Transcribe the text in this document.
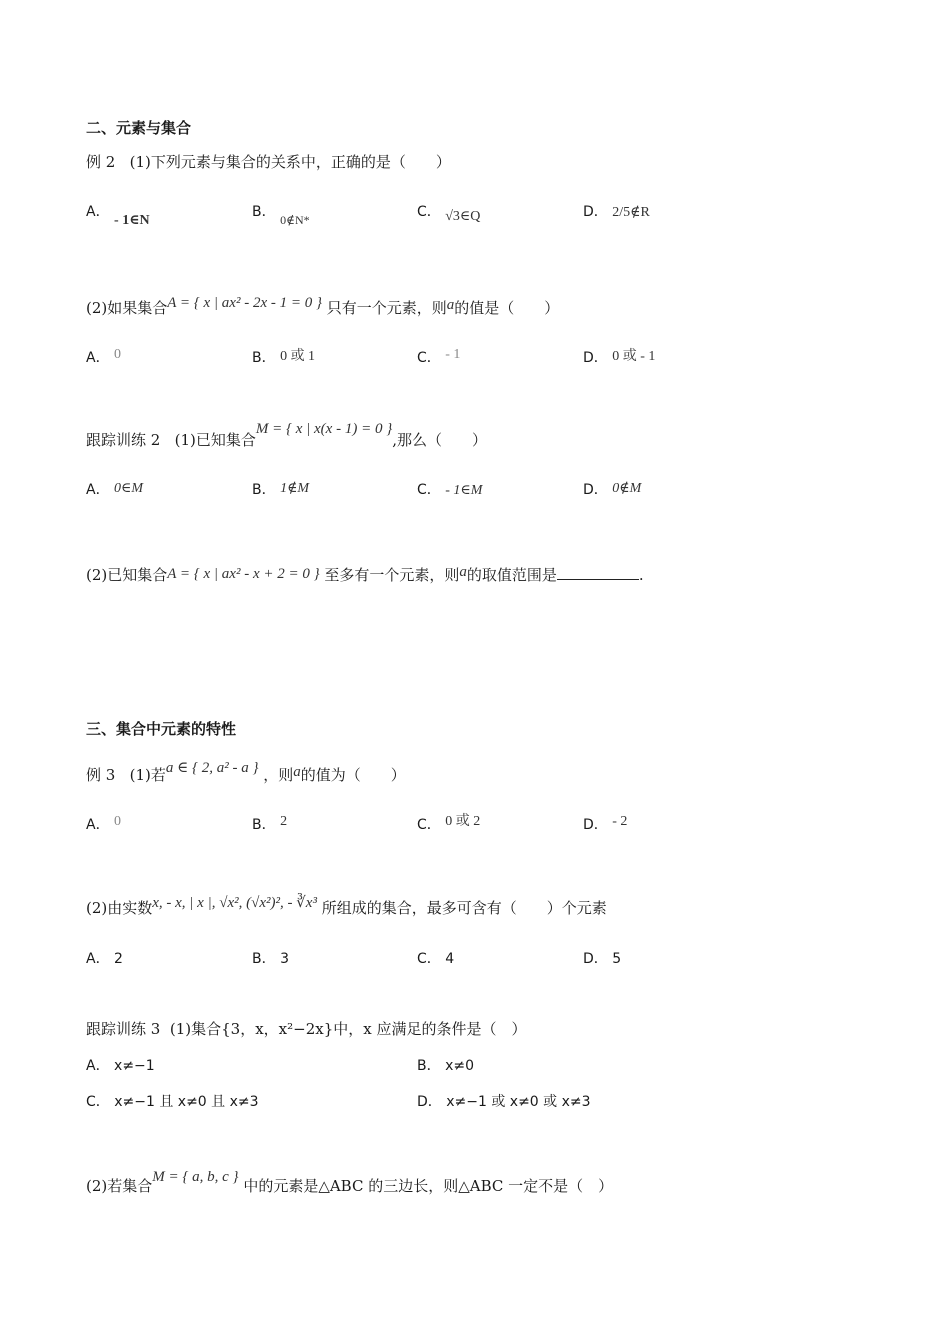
二、元素与集合
例 2 (1)下列元素与集合的关系中，正确的是（　　）
A． - 1∈N
B． 0∉N*	C． √3∈Q	D． 2/5∉R
(2)如果集合A = { x | ax² - 2x - 1 = 0 } 只有一个元素，则a的值是（　　）
A． 0	B． 0 或 1	C． - 1	D． 0 或 - 1
跟踪训练 2 (1)已知集合M = { x | x(x - 1) = 0 },那么（　　）
A． 0∈M	B． 1∉M	C． - 1∈M	D． 0∉M
(2)已知集合A = { x | ax² - x + 2 = 0 } 至多有一个元素，则a的取值范围是	.
三、集合中元素的特性
例 3 (1)若a ∈ { 2, a² - a } ，则a的值为（　　）
A． 0	B． 2	C． 0 或 2	D． - 2
(2)由实数x, - x, | x |, √x², (√x²)², - ∛x³ 所组成的集合，最多可含有（　　）个元素
A． 2	B． 3	C． 4	D． 5
跟踪训练 3 (1)集合{3，x，x²−2x}中，x 应满足的条件是（　）
A． x≠−1	B． x≠0
C． x≠−1 且 x≠0 且 x≠3	D． x≠−1 或 x≠0 或 x≠3
(2)若集合M = { a, b, c } 中的元素是△ABC 的三边长，则△ABC 一定不是（　）
